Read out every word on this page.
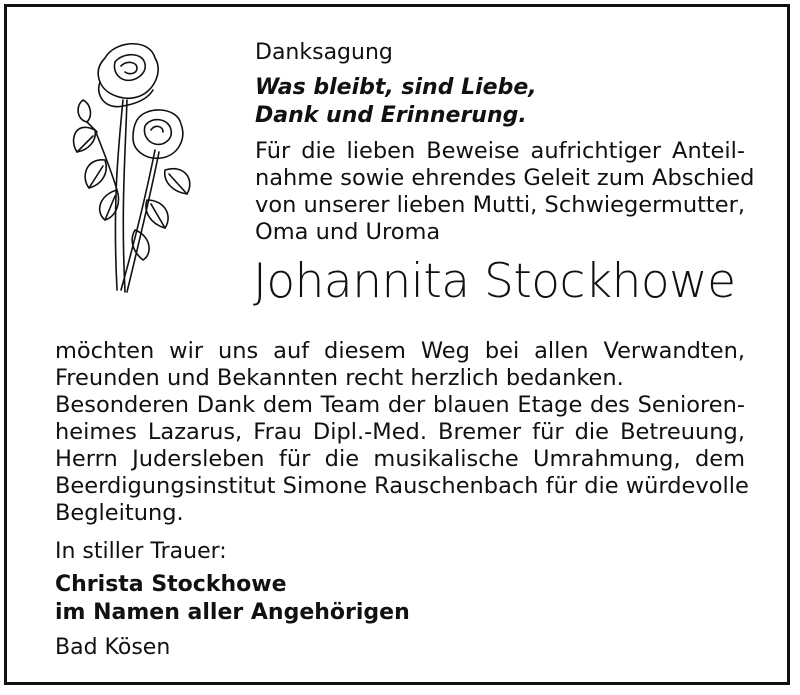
Danksagung

Was bleibt, sind Liebe,

Dank und Erinnerung.

Für die lieben Beweise aufrichtiger Anteil-
nahme sowie ehrendes Geleit zum Abschied
von unserer lieben Mutti, Schwiegermutter,
Oma und Uroma
Johannita Stockhowe
möchten wir uns auf diesem Weg bei allen Verwandten,
Freunden und Bekannten recht herzlich bedanken.
Besonderen Dank dem Team der blauen Etage des Senioren-
heimes Lazarus, Frau Dipl.-Med. Bremer für die Betreuung,
Herrn Judersleben für die musikalische Umrahmung, dem
Beerdigungsinstitut Simone Rauschenbach für die würdevolle
Begleitung.

In stiller Trauer:

Christa Stockhowe

im Namen aller Angehörigen

Bad Kösen
